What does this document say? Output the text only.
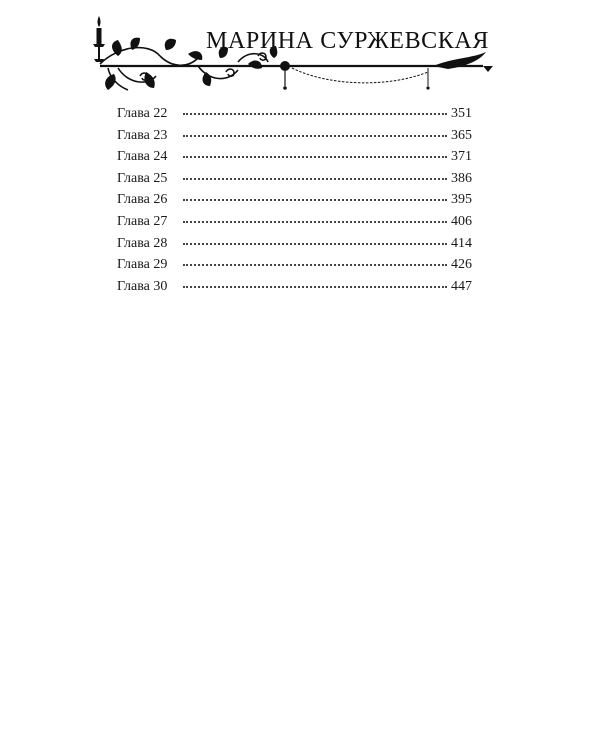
МАРИНА СУРЖЕВСКАЯ
Глава 22	351
Глава 23	365
Глава 24	371
Глава 25	386
Глава 26	395
Глава 27	406
Глава 28	414
Глава 29	426
Глава 30	447
